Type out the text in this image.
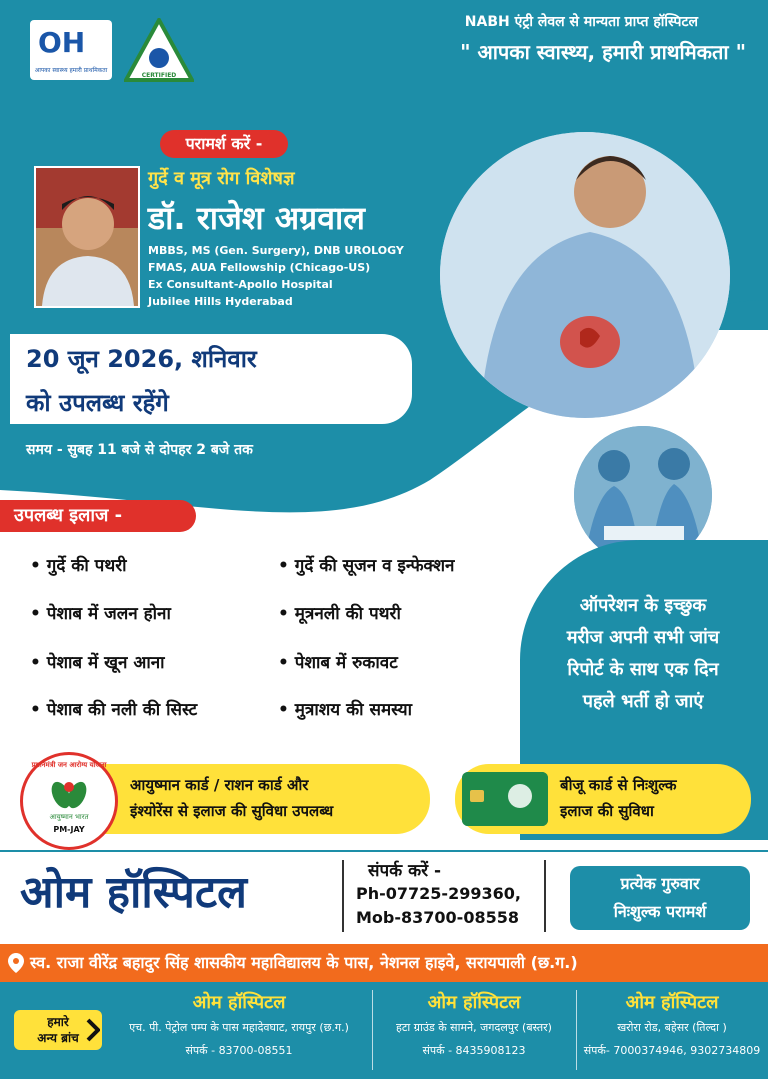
OH
आपका स्वास्थ्य हमारी प्राथमिकता
CERTIFIED
NABH एंट्री लेवल से मान्यता प्राप्त हॉस्पिटल
" आपका स्वास्थ्य, हमारी प्राथमिकता "
परामर्श करें -
गुर्दे व मूत्र रोग विशेषज्ञ
डॉ. राजेश अग्रवाल
MBBS, MS (Gen. Surgery), DNB UROLOGY
FMAS, AUA Fellowship (Chicago-US)
Ex Consultant-Apollo Hospital
Jubilee Hills Hyderabad
20 जून 2026, शनिवार
को उपलब्ध रहेंगे
समय - सुबह 11 बजे से दोपहर 2 बजे तक
उपलब्ध इलाज -
• गुर्दे की पथरी
• पेशाब में जलन होना
• पेशाब में खून आना
• पेशाब की नली की सिस्ट
• गुर्दे की सूजन व इन्फेक्शन
• मूत्रनली की पथरी
• पेशाब में रुकावट
• मुत्राशय की समस्या
ऑपरेशन के इच्छुक
मरीज अपनी सभी जांच
रिपोर्ट के साथ एक दिन
पहले भर्ती हो जाएं
प्रधानमंत्री जन आरोग्य योजना
आयुष्मान भारत
PM-JAY
आयुष्मान कार्ड / राशन कार्ड और
इंश्योरेंस से इलाज की सुविधा उपलब्ध
बीजू कार्ड से निःशुल्क
इलाज की सुविधा
ओम हॉस्पिटल	संपर्क करें -
Ph-07725-299360,
Mob-83700-08558
प्रत्येक गुरुवार
निःशुल्क परामर्श
स्व. राजा वीरेंद्र बहादुर सिंह शासकीय महाविद्यालय के पास, नेशनल हाइवे, सरायपाली (छ.ग.)
हमारे
अन्य ब्रांच
ओम हॉस्पिटल
एच. पी. पेट्रोल पम्प के पास महादेवघाट, रायपुर (छ.ग.)
संपर्क - 83700-08551
ओम हॉस्पिटल
हटा ग्राउंड के सामने, जगदलपुर (बस्तर)
संपर्क - 8435908123
ओम हॉस्पिटल
खरोरा रोड, बहेसर (तिल्दा )
संपर्क- 7000374946, 9302734809
